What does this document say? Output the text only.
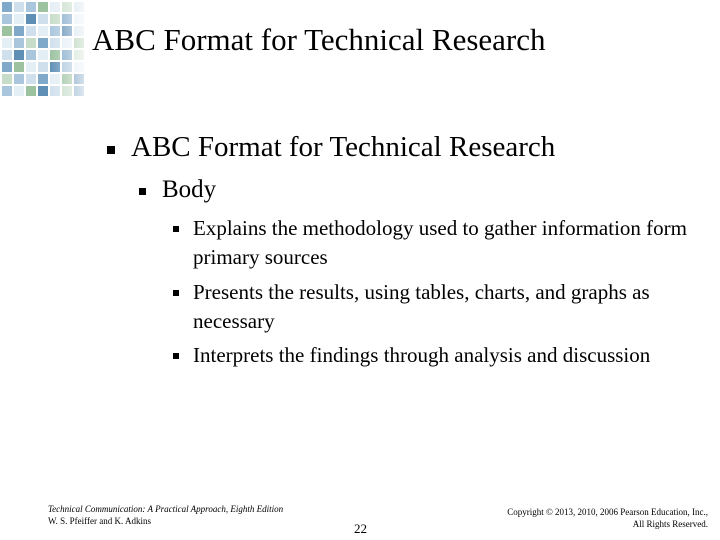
ABC Format for Technical Research
ABC Format for Technical Research
Body
Explains the methodology used to gather information form primary sources
Presents the results, using tables, charts, and graphs as necessary
Interprets the findings through analysis and discussion
Technical Communication: A Practical Approach, Eighth Edition
W. S. Pfeiffer and K. Adkins	22
Copyright © 2013, 2010, 2006 Pearson Education, Inc.,
All Rights Reserved.
